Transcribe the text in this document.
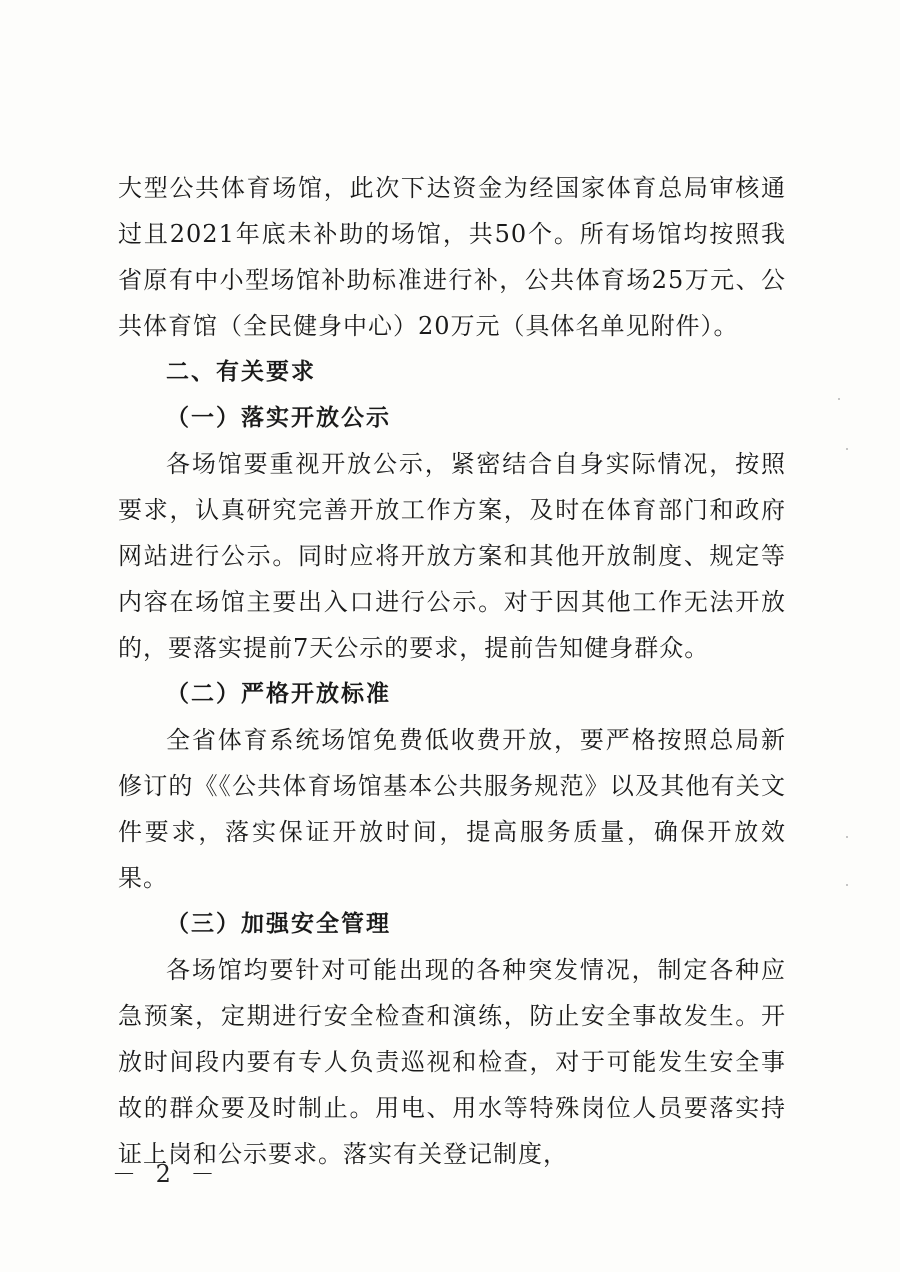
大型公共体育场馆，此次下达资金为经国家体育总局审核通过且2021年底未补助的场馆，共50个。所有场馆均按照我省原有中小型场馆补助标准进行补，公共体育场25万元、公共体育馆（全民健身中心）20万元（具体名单见附件）。

二、有关要求

（一）落实开放公示

各场馆要重视开放公示，紧密结合自身实际情况，按照要求，认真研究完善开放工作方案，及时在体育部门和政府网站进行公示。同时应将开放方案和其他开放制度、规定等内容在场馆主要出入口进行公示。对于因其他工作无法开放的，要落实提前7天公示的要求，提前告知健身群众。

（二）严格开放标准

全省体育系统场馆免费低收费开放，要严格按照总局新修订的《《公共体育场馆基本公共服务规范》以及其他有关文件要求，落实保证开放时间，提高服务质量，确保开放效果。

（三）加强安全管理

各场馆均要针对可能出现的各种突发情况，制定各种应急预案，定期进行安全检查和演练，防止安全事故发生。开放时间段内要有专人负责巡视和检查，对于可能发生安全事故的群众要及时制止。用电、用水等特殊岗位人员要落实持证上岗和公示要求。落实有关登记制度，

－ 2 －
